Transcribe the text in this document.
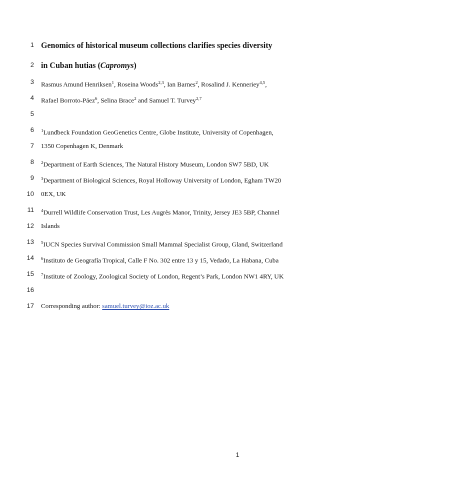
1 Genomics of historical museum collections clarifies species diversity
2 in Cuban hutias (Capromys)
3 Rasmus Amund Henriksen$^1$, Roseina Woods$^{2,3}$, Ian Barnes$^2$, Rosalind J. Kenneriey$^{4,5}$,
4 Rafael Borroto-Páez$^6$, Selina Brace$^2$ and Samuel T. Turvey$^{2,7}$
5
6 $^1$Lundbeck Foundation GeoGenetics Centre, Globe Institute, University of Copenhagen,
7 1350 Copenhagen K, Denmark
8 $^2$Department of Earth Sciences, The Natural History Museum, London SW7 5BD, UK
9 $^3$Department of Biological Sciences, Royal Holloway University of London, Egham TW20
10 0EX, UK
11 $^4$Durrell Wildlife Conservation Trust, Les Augrès Manor, Trinity, Jersey JE3 5BP, Channel
12 Islands
13 $^5$IUCN Species Survival Commission Small Mammal Specialist Group, Gland, Switzerland
14 $^6$Instituto de Geografía Tropical, Calle F No. 302 entre 13 y 15, Vedado, La Habana, Cuba
15 $^7$Institute of Zoology, Zoological Society of London, Regent’s Park, London NW1 4RY, UK
16
17 Corresponding author: samuel.turvey@ioz.ac.uk
1
